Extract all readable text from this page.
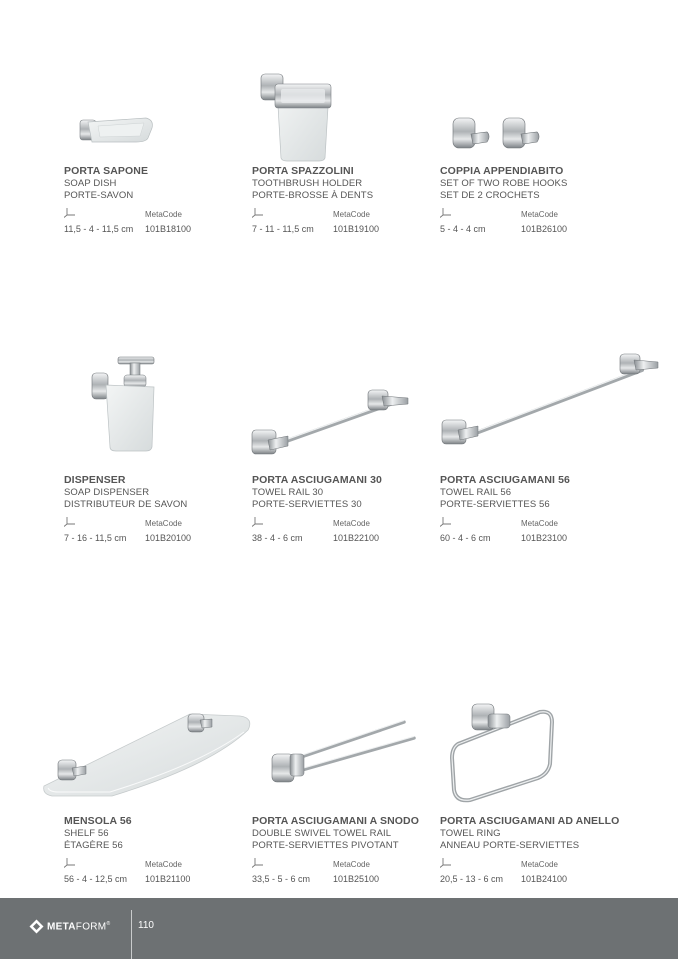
PORTA SAPONE
SOAP DISH
PORTE-SAVON
MetaCode
11,5 - 4 - 11,5 cm 101B18100
PORTA SPAZZOLINI
TOOTHBRUSH HOLDER
PORTE-BROSSE À DENTS
MetaCode
7 - 11 - 11,5 cm 101B19100
COPPIA APPENDIABITO
SET OF TWO ROBE HOOKS
SET DE 2 CROCHETS
MetaCode
5 - 4 - 4 cm	101B26100
DISPENSER
SOAP DISPENSER
DISTRIBUTEUR DE SAVON
MetaCode
7 - 16 - 11,5 cm 101B20100
PORTA ASCIUGAMANI 30
TOWEL RAIL 30
PORTE-SERVIETTES 30
MetaCode
38 - 4 - 6 cm	101B22100
PORTA ASCIUGAMANI 56
TOWEL RAIL 56
PORTE-SERVIETTES 56
MetaCode
60 - 4 - 6 cm	101B23100
MENSOLA 56
SHELF 56
ÉTAGÈRE 56
MetaCode
56 - 4 - 12,5 cm 101B21100
PORTA ASCIUGAMANI A SNODO
DOUBLE SWIVEL TOWEL RAIL
PORTE-SERVIETTES PIVOTANT
MetaCode
33,5 - 5 - 6 cm	101B25100
PORTA ASCIUGAMANI AD ANELLO
TOWEL RING
ANNEAU PORTE-SERVIETTES
MetaCode
20,5 - 13 - 6 cm 101B24100
METAFORM®	110
